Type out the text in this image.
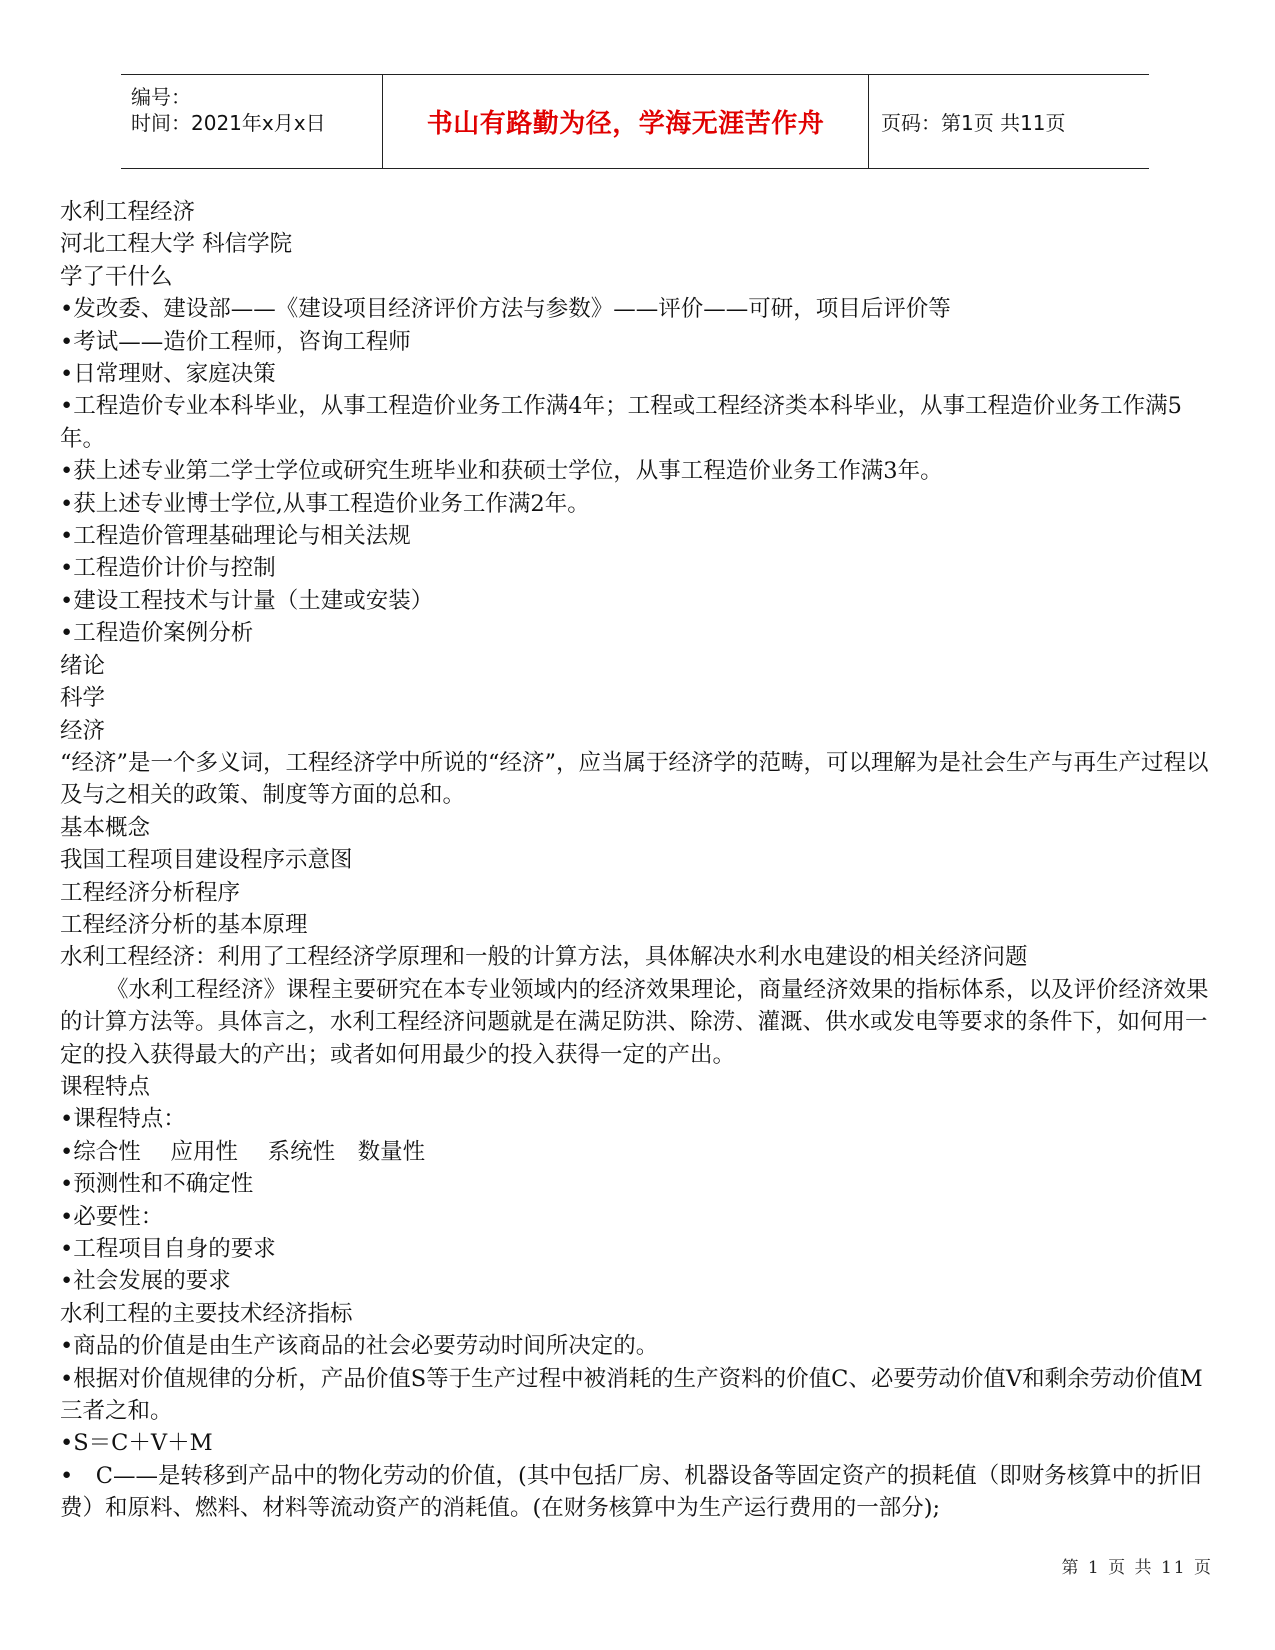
编号：
时间：2021年x月x日	书山有路勤为径，学海无涯苦作舟	页码：第1页 共11页

水利工程经济

河北工程大学 科信学院

学了干什么

•发改委、建设部——《建设项目经济评价方法与参数》——评价——可研，项目后评价等

•考试——造价工程师，咨询工程师

•日常理财、家庭决策

•工程造价专业本科毕业，从事工程造价业务工作满4年；工程或工程经济类本科毕业，从事工程造价业务工作满5年。

•获上述专业第二学士学位或研究生班毕业和获硕士学位，从事工程造价业务工作满3年。

•获上述专业博士学位,从事工程造价业务工作满2年。

•工程造价管理基础理论与相关法规

•工程造价计价与控制

•建设工程技术与计量（土建或安装）

•工程造价案例分析

绪论

科学

经济

“经济”是一个多义词，工程经济学中所说的“经济”，应当属于经济学的范畴，可以理解为是社会生产与再生产过程以及与之相关的政策、制度等方面的总和。

基本概念

我国工程项目建设程序示意图

工程经济分析程序

工程经济分析的基本原理

水利工程经济：利用了工程经济学原理和一般的计算方法，具体解决水利水电建设的相关经济问题

《水利工程经济》课程主要研究在本专业领域内的经济效果理论，商量经济效果的指标体系，以及评价经济效果的计算方法等。具体言之，水利工程经济问题就是在满足防洪、除涝、灌溉、供水或发电等要求的条件下，如何用一定的投入获得最大的产出；或者如何用最少的投入获得一定的产出。

课程特点

•课程特点：

•综合性　 应用性　 系统性　数量性

•预测性和不确定性

•必要性：

•工程项目自身的要求

•社会发展的要求

水利工程的主要技术经济指标

•商品的价值是由生产该商品的社会必要劳动时间所决定的。

•根据对价值规律的分析，产品价值S等于生产过程中被消耗的生产资料的价值C、必要劳动价值V和剩余劳动价值M三者之和。

•S＝C＋V＋M

•　C——是转移到产品中的物化劳动的价值，(其中包括厂房、机器设备等固定资产的损耗值（即财务核算中的折旧费）和原料、燃料、材料等流动资产的消耗值。(在财务核算中为生产运行费用的一部分);

第 1 页 共 11 页
